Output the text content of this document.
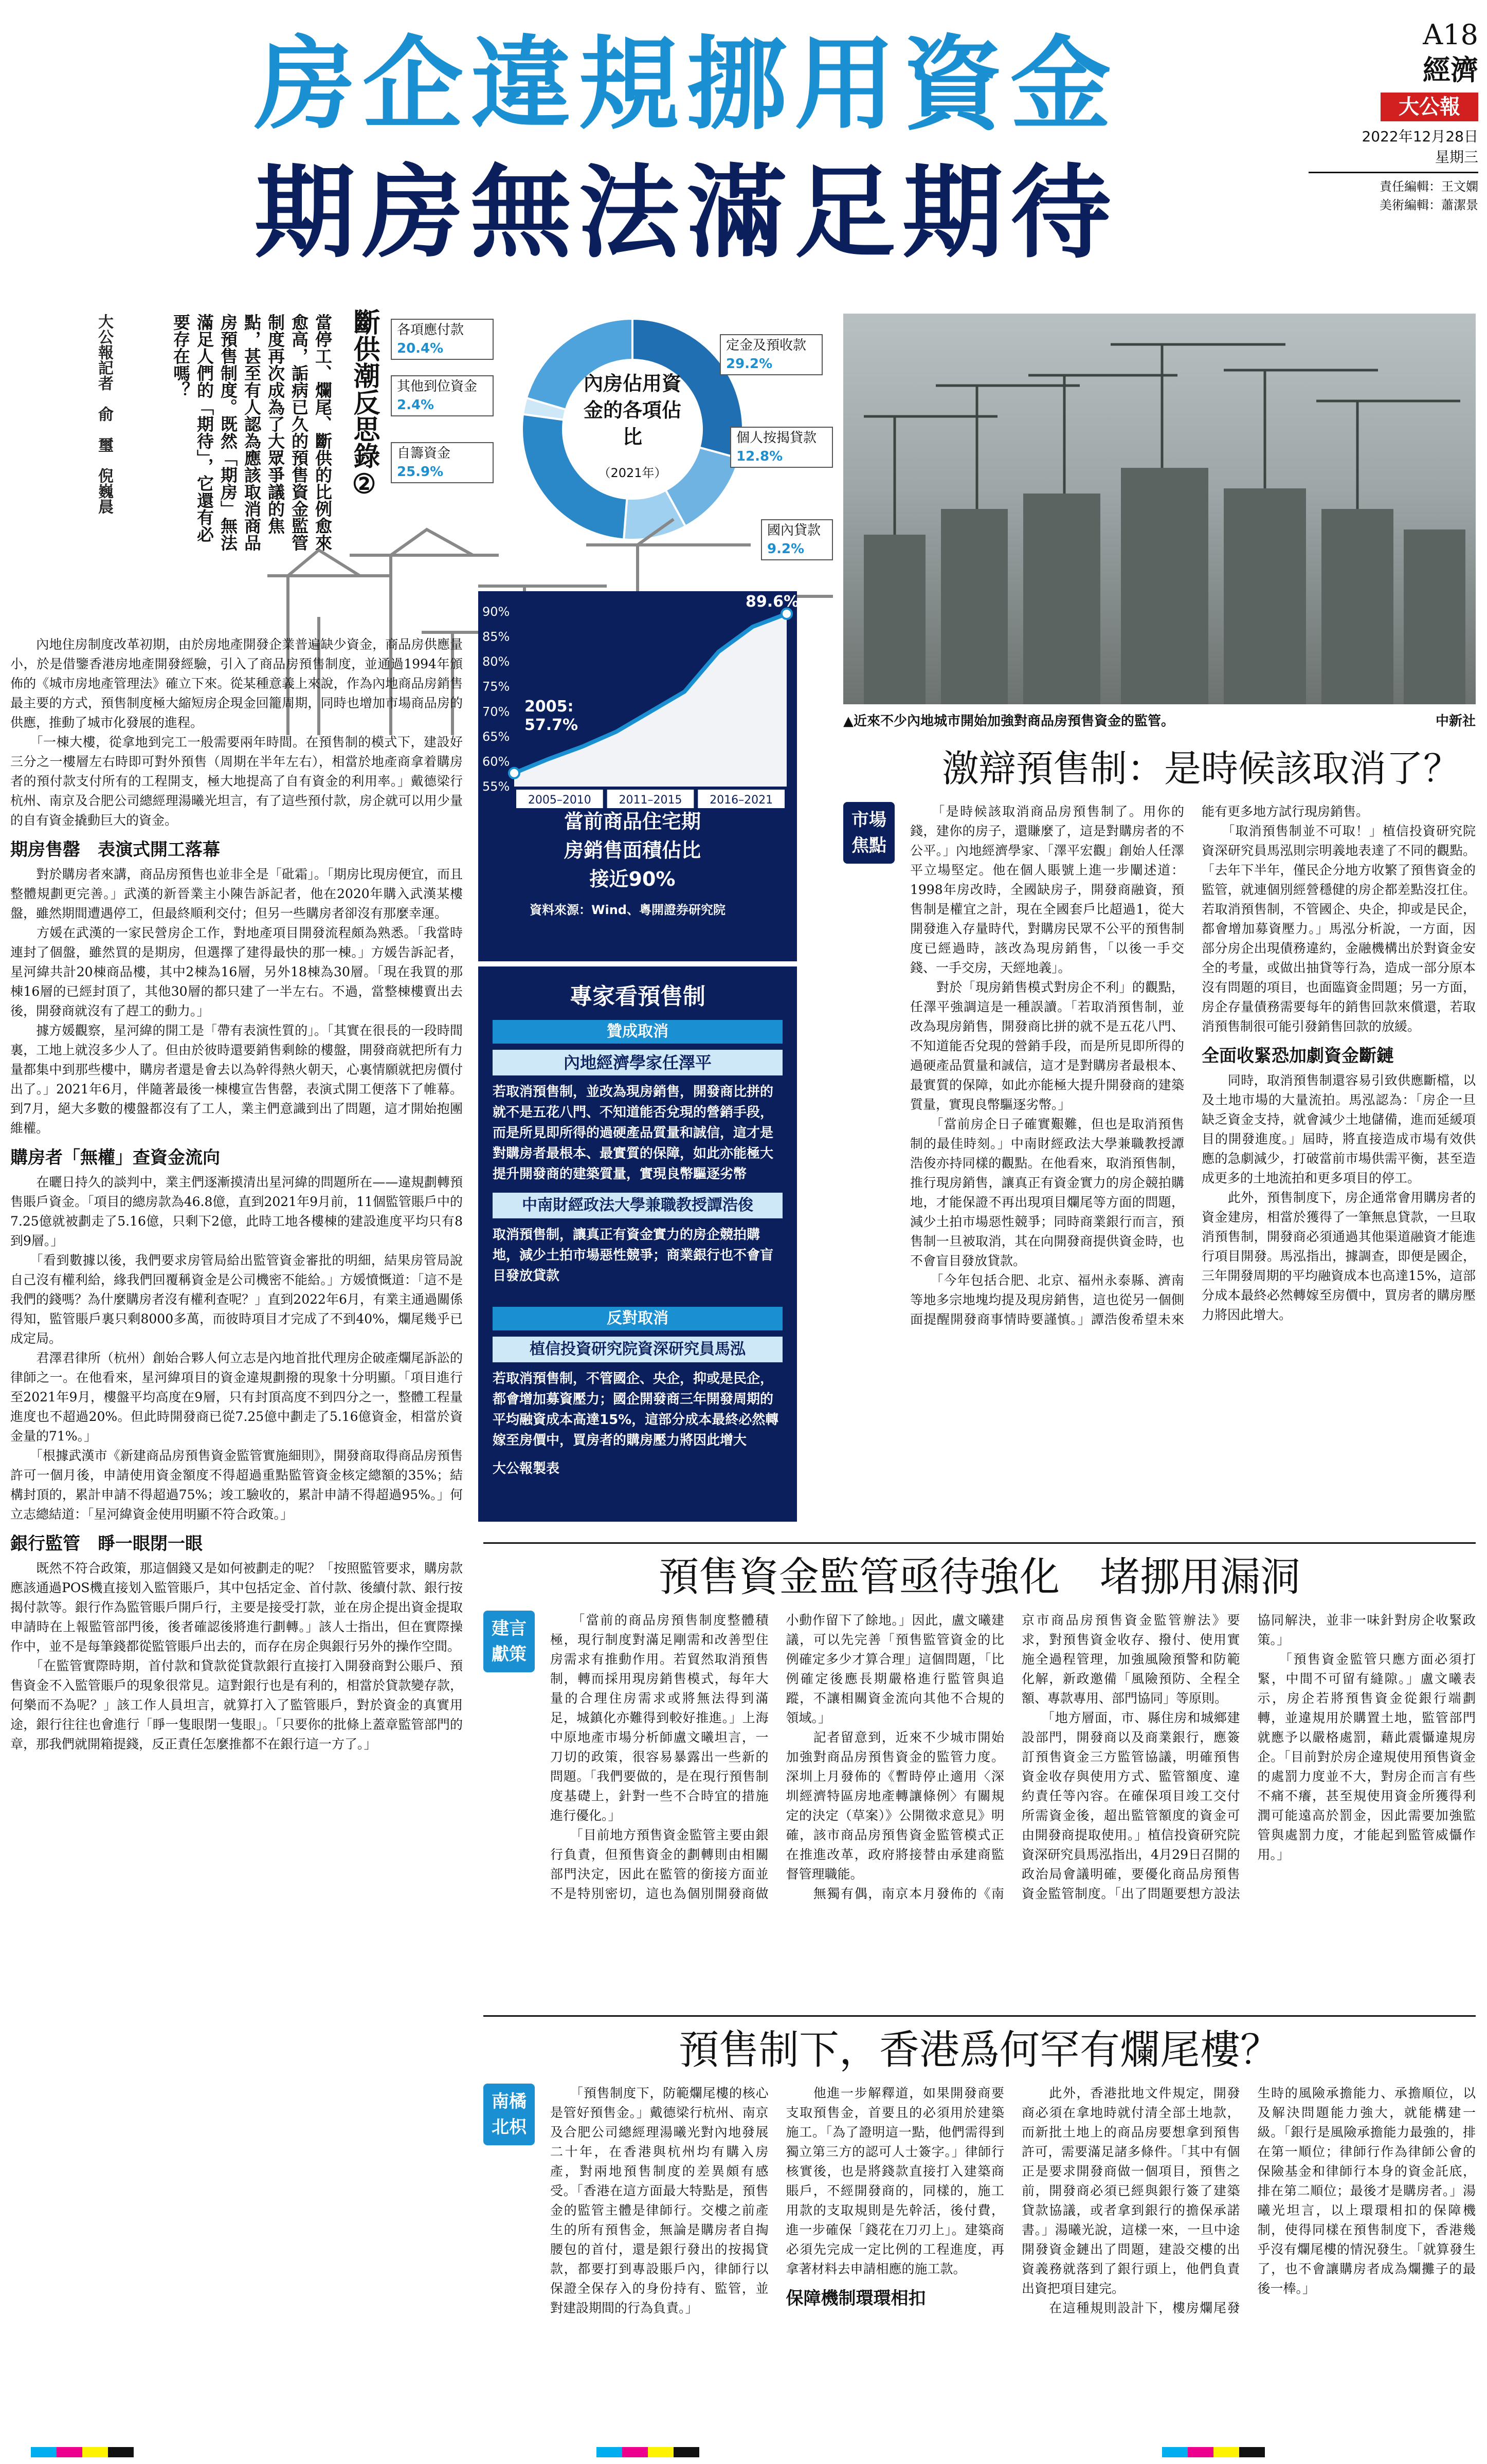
房企違規挪用資金
期房無法滿足期待
A18
經濟
大公報
2022年12月28日
星期三
責任編輯：王文嫻
美術編輯：蕭潔景
斷供潮反思錄②
當停工、爛尾、斷供的比例愈來愈高，詬病已久的預售資金監管制度再次成為了大眾爭議的焦點，甚至有人認為應該取消商品房預售制度。既然「期房」無法滿足人們的「期待」，它還有必要存在嗎？
大公報記者　俞　璽　倪巍晨	內房佔用資金的各項佔比
（2021年）
定金及預收款 29.2%
個人按揭貸款 12.8%
國內貸款 9.2%
自籌資金 25.9%
其他到位資金 2.4%
各項應付款 20.4%
90%
85%
80%
75%
70%
65%
60%
55%
2005: 57.7%
2021: 89.6%
2005–2010 2011–2015 2016–2021
當前商品住宅期房銷售面積佔比接近90%
資料來源：Wind、粵開證券研究院
專家看預售制
贊成取消
內地經濟學家任澤平
若取消預售制，並改為現房銷售，開發商比拼的就不是五花八門、不知道能否兌現的營銷手段，而是所見即所得的過硬產品質量和誠信，這才是對購房者最根本、最實質的保障，如此亦能極大提升開發商的建築質量，實現良幣驅逐劣幣
中南財經政法大學兼職教授譚浩俊
取消預售制，讓真正有資金實力的房企競拍購地，減少土拍市場惡性競爭；商業銀行也不會盲目發放貸款
反對取消
植信投資研究院資深研究員馬泓
若取消預售制，不管國企、央企，抑或是民企，都會增加募資壓力；國企開發商三年開發周期的平均融資成本高達15%，這部分成本最終必然轉嫁至房價中，買房者的購房壓力將因此增大
大公報製表
▲近來不少內地城市開始加強對商品房預售資金的監管。	中新社
　　內地住房制度改革初期，由於房地產開發企業普遍缺少資金，商品房供應量小，於是借鑒香港房地產開發經驗，引入了商品房預售制度，並通過1994年頒佈的《城市房地產管理法》確立下來。從某種意義上來說，作為內地商品房銷售最主要的方式，預售制度極大縮短房企現金回籠周期，同時也增加市場商品房的供應，推動了城市化發展的進程。
　　「一棟大樓，從拿地到完工一般需要兩年時間。在預售制的模式下，建設好三分之一樓層左右時即可對外預售（周期在半年左右），相當於地產商拿着購房者的預付款支付所有的工程開支，極大地提高了自有資金的利用率。」戴德梁行杭州、南京及合肥公司總經理湯曦光坦言，有了這些預付款，房企就可以用少量的自有資金撬動巨大的資金。
期房售罄　表演式開工落幕
　　對於購房者來講，商品房預售也並非全是「砒霜」。「期房比現房便宜，而且整體規劃更完善。」武漢的新晉業主小陳告訴記者，他在2020年購入武漢某樓盤，雖然期間遭遇停工，但最終順利交付；但另一些購房者卻沒有那麼幸運。
　　方媛在武漢的一家民營房企工作，對地產項目開發流程頗為熟悉。「我當時連封了個盤，雖然買的是期房，但選擇了建得最快的那一棟。」方媛告訴記者，星河緯共計20棟商品樓，其中2棟為16層，另外18棟為30層。「現在我買的那棟16層的已經封頂了，其他30層的都只建了一半左右。不過，當整棟樓賣出去後，開發商就沒有了趕工的動力。」
　　據方媛觀察，星河緯的開工是「帶有表演性質的」。「其實在很長的一段時間裏，工地上就沒多少人了。但由於彼時還要銷售剩餘的樓盤，開發商就把所有力量都集中到那些樓中，購房者還是會去以為幹得熱火朝天，心裏情願就把房價付出了。」2021年6月，伴隨著最後一棟樓宣告售罄，表演式開工便落下了帷幕。到7月，絕大多數的樓盤都沒有了工人，業主們意識到出了問題，這才開始抱團維權。
購房者「無權」查資金流向
　　在曬日持久的談判中，業主們逐漸摸清出星河緯的問題所在——違規劃轉預售賬戶資金。「項目的總房款為46.8億，直到2021年9月前，11個監管賬戶中的7.25億就被劃走了5.16億，只剩下2億，此時工地各樓棟的建設進度平均只有8到9層。」
　　「看到數據以後，我們要求房管局給出監管資金審批的明細，結果房管局說自己沒有權利給，緣我們回覆稱資金是公司機密不能給。」方媛憤慨道：「這不是我們的錢嗎？為什麼購房者沒有權利查呢？」直到2022年6月，有業主通過關係得知，監管賬戶裏只剩8000多萬，而彼時項目才完成了不到40%，爛尾幾乎已成定局。
　　君澤君律所（杭州）創始合夥人何立志是內地首批代理房企破產爛尾訴訟的律師之一。在他看來，星河緯項目的資金違規劃撥的現象十分明顯。「項目進行至2021年9月，樓盤平均高度在9層，只有封頂高度不到四分之一，整體工程量進度也不超過20%。但此時開發商已從7.25億中劃走了5.16億資金，相當於資金量的71%。」
　　「根據武漢市《新建商品房預售資金監管實施細則》，開發商取得商品房預售許可一個月後，申請使用資金額度不得超過重點監管資金核定總額的35%；結構封頂的，累計申請不得超過75%；竣工驗收的，累計申請不得超過95%。」何立志總結道：「星河緯資金使用明顯不符合政策。」
銀行監管　睜一眼閉一眼
　　既然不符合政策，那這個錢又是如何被劃走的呢？「按照監管要求，購房款應該通過POS機直接划入監管賬戶，其中包括定金、首付款、後續付款、銀行按揭付款等。銀行作為監管賬戶開戶行，主要是接受打款，並在房企提出資金提取申請時在上報監管部門後，後者確認後將進行劃轉。」該人士指出，但在實際操作中，並不是每筆錢都從監管賬戶出去的，而存在房企與銀行另外的操作空間。
　　「在監管實際時期，首付款和貸款從貸款銀行直接打入開發商對公賬戶、預售資金不入監管賬戶的現象很常見。這對銀行也是有利的，相當於貸款變存款，何樂而不為呢？」該工作人員坦言，就算打入了監管賬戶，對於資金的真實用途，銀行往往也會進行「睜一隻眼閉一隻眼」。「只要你的批條上蓋章監管部門的章，那我們就開箱提錢，反正責任怎麼推都不在銀行這一方了。」
激辯預售制：是時候該取消了？
市場
焦點
　　「是時候該取消商品房預售制了。用你的錢，建你的房子，還賺麼了，這是對購房者的不公平。」內地經濟學家、「澤平宏觀」創始人任澤平立場堅定。他在個人賬號上進一步闡述道：1998年房改時，全國缺房子，開發商融資，預售制是權宜之計，現在全國套戶比超過1，從大開發進入存量時代，對購房民眾不公平的預售制度已經過時，該改為現房銷售，「以後一手交錢、一手交房，天經地義」。
　　對於「現房銷售模式對房企不利」的觀點，任澤平強調這是一種誤讀。「若取消預售制，並改為現房銷售，開發商比拼的就不是五花八門、不知道能否兌現的營銷手段，而是所見即所得的過硬產品質量和誠信，這才是對購房者最根本、最實質的保障，如此亦能極大提升開發商的建築質量，實現良幣驅逐劣幣。」
　　「當前房企日子確實艱難，但也是取消預售制的最佳時刻。」中南財經政法大學兼職教授譚浩俊亦持同樣的觀點。在他看來，取消預售制，推行現房銷售，讓真正有資金實力的房企競拍購地，才能保證不再出現項目爛尾等方面的問題，減少土拍市場惡性競爭；同時商業銀行而言，預售制一旦被取消，其在向開發商提供資金時，也不會盲目發放貸款。
　　「今年包括合肥、北京、福州永泰縣、濟南等地多宗地塊均提及現房銷售，這也從另一個側面提醒開發商事情時要謹慎。」譚浩俊希望未來能有更多地方試行現房銷售。
　　「取消預售制並不可取！」植信投資研究院資深研究員馬泓則宗明義地表達了不同的觀點。「去年下半年，僅民企分地方收繁了預售資金的監管，就連個別經營穩健的房企都差點沒扛住。若取消預售制，不管國企、央企，抑或是民企，都會增加募資壓力。」馬泓分析說，一方面，因部分房企出現債務違約，金融機構出於對資金安全的考量，或做出抽貸等行為，造成一部分原本沒有問題的項目，也面臨資金問題；另一方面，房企存量債務需要每年的銷售回款來償還，若取消預售制很可能引發銷售回款的放緩。
全面收緊恐加劇資金斷鏈
　　同時，取消預售制還容易引致供應斷檔，以及土地市場的大量流拍。馬泓認為：「房企一旦缺乏資金支持，就會減少土地儲備，進而延緩項目的開發進度。」屆時，將直接造成市場有效供應的急劇減少，打破當前市場供需平衡，甚至造成更多的土地流拍和更多項目的停工。
　　此外，預售制度下，房企通常會用購房者的資金建房，相當於獲得了一筆無息貸款，一旦取消預售制，開發商必須通過其他渠道融資才能進行項目開發。馬泓指出，據調查，即便是國企，三年開發周期的平均融資成本也高達15%，這部分成本最終必然轉嫁至房價中，買房者的購房壓力將因此增大。
預售資金監管亟待強化　堵挪用漏洞
建言
獻策
　　「當前的商品房預售制度整體積極，現行制度對滿足剛需和改善型住房需求有推動作用。若貿然取消預售制，轉而採用現房銷售模式，每年大量的合理住房需求或將無法得到滿足，城鎮化亦難得到較好推進。」上海中原地產市場分析師盧文曦坦言，一刀切的政策，很容易暴露出一些新的問題。「我們要做的，是在現行預售制度基礎上，針對一些不合時宜的措施進行優化。」
　　「目前地方預售資金監管主要由銀行負責，但預售資金的劃轉則由相關部門決定，因此在監管的銜接方面並不是特別密切，這也為個別開發商做小動作留下了餘地。」因此，盧文曦建議，可以先完善「預售監管資金的比例確定多少才算合理」這個問題，「比例確定後應長期嚴格進行監管與追蹤，不讓相關資金流向其他不合規的領域。」
　　記者留意到，近來不少城市開始加強對商品房預售資金的監管力度。深圳上月發佈的《暫時停止適用〈深圳經濟特區房地產轉讓條例〉有關規定的決定（草案）》公開徵求意見》明確，該市商品房預售資金監管模式正在推進改革，政府將接替由承建商監督管理職能。
　　無獨有偶，南京本月發佈的《南京市商品房預售資金監管辦法》要求，對預售資金收存、撥付、使用實施全過程管理，加強風險預警和防範化解，新政邀備「風險預防、全程全額、專款專用、部門協同」等原則。
　　「地方層面，市、縣住房和城鄉建設部門，開發商以及商業銀行，應簽訂預售資金三方監管協議，明確預售資金收存與使用方式、監管額度、違約責任等內容。在確保項目竣工交付所需資金後，超出監管額度的資金可由開發商提取使用。」植信投資研究院資深研究員馬泓指出，4月29日召開的政治局會議明確，要優化商品房預售資金監管制度。「出了問題要想方設法協同解決，並非一味針對房企收緊政策。」
　　「預售資金監管只應方面必須打緊，中間不可留有縫隙。」盧文曦表示，房企若將預售資金從銀行端劃轉，並違規用於購置土地，監管部門就應予以嚴格處罰，藉此震懾違規房企。「目前對於房企違規使用預售資金的處罰力度並不大，對房企而言有些不痛不癢，甚至規使用資金所獲得利潤可能遠高於罰金，因此需要加強監管與處罰力度，才能起到監管威懾作用。」
預售制下，香港爲何罕有爛尾樓？
南橘
北枳
　　「預售制度下，防範爛尾樓的核心是管好預售金。」戴德梁行杭州、南京及合肥公司總經理湯曦光對內地發展二十年，在香港與杭州均有購入房產，對兩地預售制度的差異頗有感受。「香港在這方面最大特點是，預售金的監管主體是律師行。交樓之前產生的所有預售金，無論是購房者自掏腰包的首付，還是銀行發出的按揭貸款，都要打到專設賬戶內，律師行以保證全保存入的身份持有、監管，並對建設期間的行為負責。」
　　他進一步解釋道，如果開發商要支取預售金，首要且的必須用於建築施工。「為了證明這一點，他們需得到獨立第三方的認可人士簽字。」律師行核實後，也是將錢款直接打入建築商賬戶，不經開發商的，同樣的，施工用款的支取規則是先幹活，後付費，進一步確保「錢花在刀刃上」。建築商必須先完成一定比例的工程進度，再拿著材料去申請相應的施工款。
保障機制環環相扣
　　此外，香港批地文件規定，開發商必須在拿地時就付清全部土地款，而新批土地上的商品房要想拿到預售許可，需要滿足諸多條件。「其中有個正是要求開發商做一個項目，預售之前，開發商必須已經與銀行簽了建築貸款協議，或者拿到銀行的擔保承諾書。」湯曦光說，這樣一來，一旦中途開發資金鏈出了問題，建設交樓的出資義務就落到了銀行頭上，他們負責出資把項目建完。
　　在這種規則設計下，樓房爛尾發生時的風險承擔能力、承擔順位，以及解決問題能力強大，就能構建一級。「銀行是風險承擔能力最強的，排在第一順位；律師行作為律師公會的保險基金和律師行本身的資金託底，排在第二順位；最後才是購房者。」湯曦光坦言，以上環環相扣的保障機制，使得同樣在預售制度下，香港幾乎沒有爛尾樓的情況發生。「就算發生了，也不會讓購房者成為爛攤子的最後一棒。」
